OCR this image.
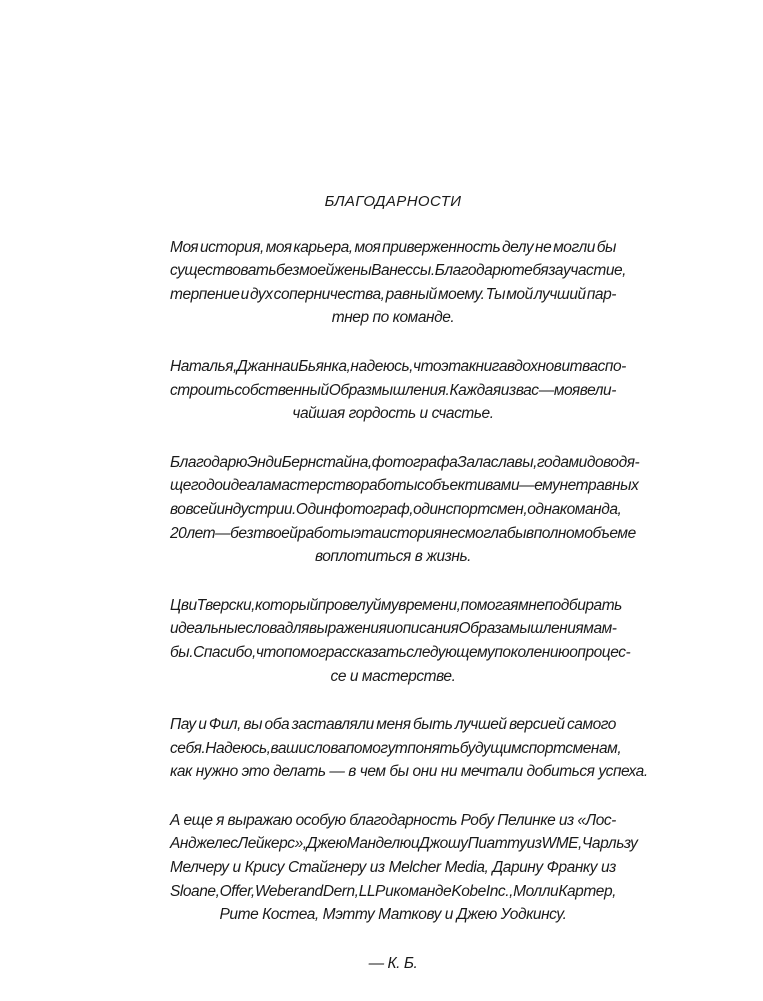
БЛАГОДАРНОСТИ
Моя история, моя карьера, моя приверженность делу не могли бы
существовать без моей жены Ванессы. Благодарю тебя за участие,
терпение и дух соперничества, равный моему. Ты мой лучший пар-
тнер по команде.
Наталья, Джанна и Бьянка, надеюсь, что эта книга вдохновит вас по-
строить собственный Образ мышления. Каждая из вас — моя вели-
чайшая гордость и счастье.
Благодарю Энди Бернстайна, фотографа Зала славы, годами доводя-
щего до идеала мастерство работы с объективами — ему нет равных
во всей индустрии. Один фотограф, один спортсмен, одна команда,
20 лет — без твоей работы эта история не смогла бы в полном объеме
воплотиться в жизнь.
Цви Тверски, который провел уйму времени, помогая мне подбирать
идеальные слова для выражения и описания Образа мышления мам-
бы. Спасибо, что помог рассказать следующему поколению о процес-
се и мастерстве.
Пау и Фил, вы оба заставляли меня быть лучшей версией самого
себя. Надеюсь, ваши слова помогут понять будущим спортсменам,
как нужно это делать — в чем бы они ни мечтали добиться успеха.
А еще я выражаю особую благодарность Робу Пелинке из «Лос-
Анджелес Лейкерс», Джею Манделю и Джошу Пиатту из WME, Чарльзу
Мелчеру и Крису Стайгнеру из Melcher Media, Дарину Франку из
Sloane, Offer, Weber and Dern, LLP и команде Kobe Inc., Молли Картер,
Рите Костеа, Мэтту Маткову и Джею Уодкинсу.
— К. Б.
